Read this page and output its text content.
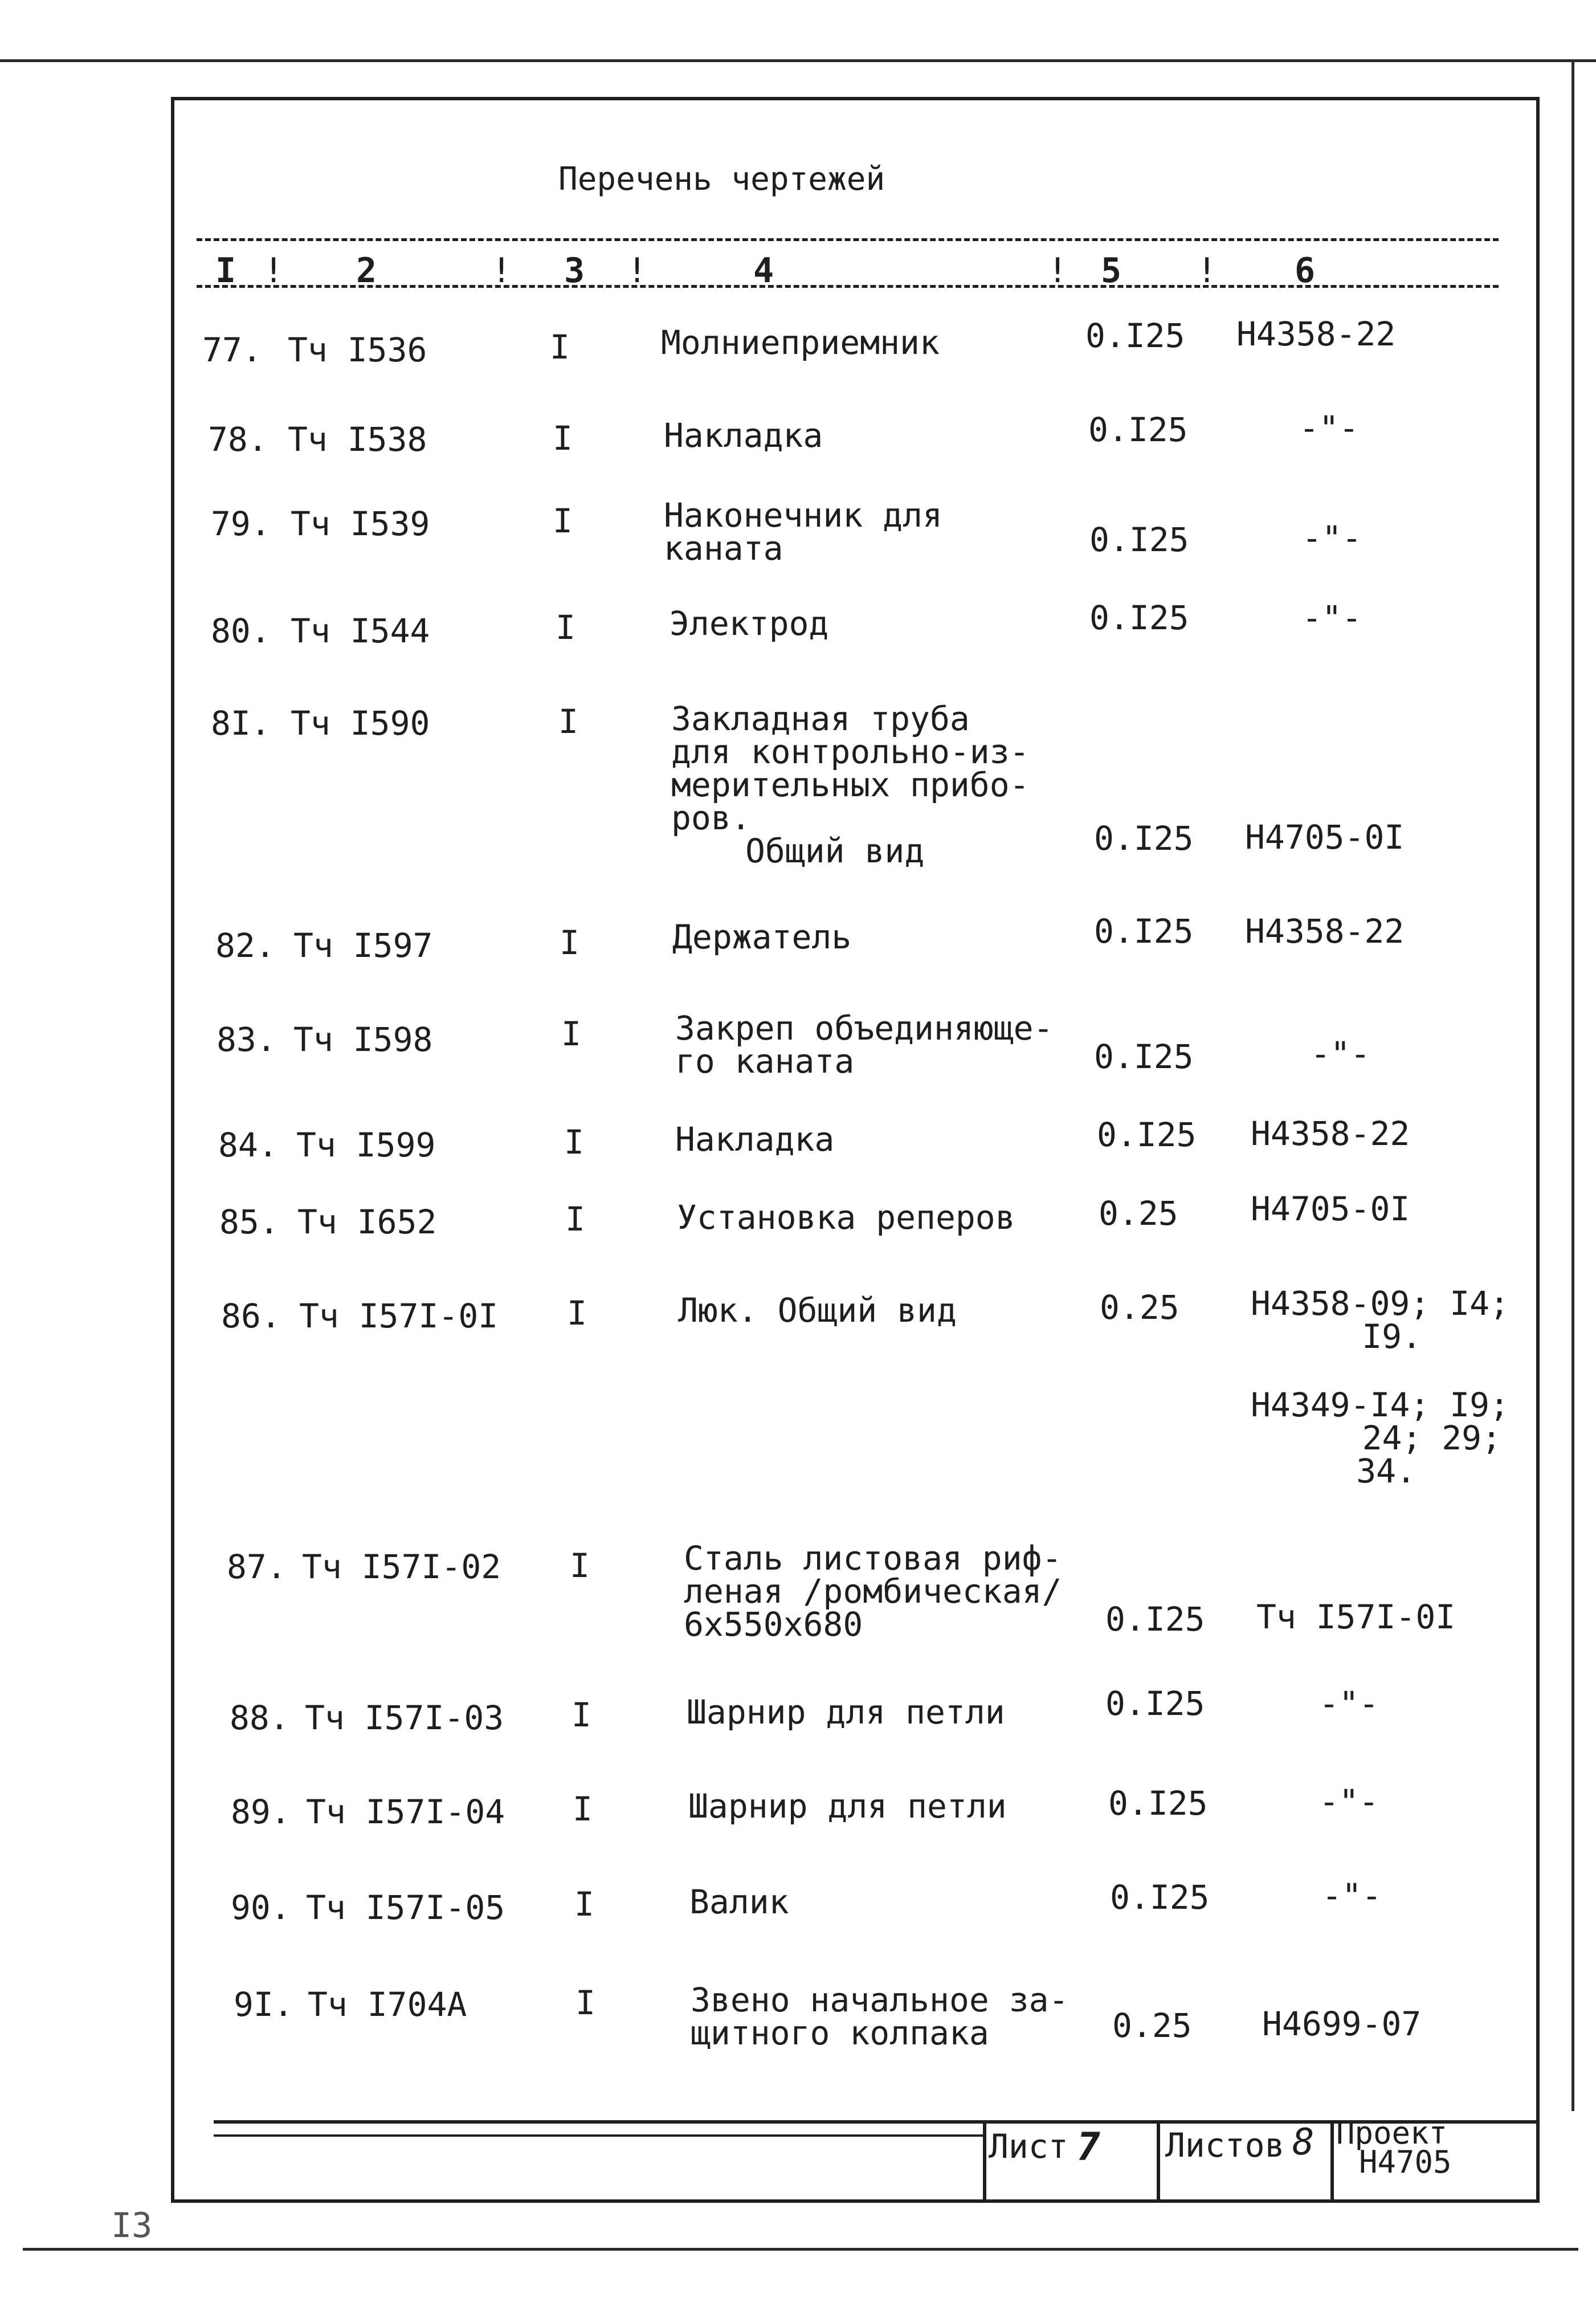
Перечень чертежей
I ! 2	! 3 !	4	! 5 ! 6
77. Тч I536	I	Молниеприемник	0.I25 Н4358-22
78. Тч I538	I	Накладка	0.I25	-"-
79. Тч I539	I	Наконечник для
каната	0.I25	-"-
80. Тч I544	I	Электрод	0.I25	-"-
8I. Тч I590	I	Закладная труба
для контрольно-из-
мерительных прибо-
ров.
Общий вид	0.I25 Н4705-0I
82. Тч I597	I	Держатель	0.I25 Н4358-22
83. Тч I598	I	Закреп объединяюще-
го каната	0.I25	-"-
84. Тч I599	I	Накладка	0.I25 Н4358-22
85. Тч I652	I	Установка реперов	0.25 Н4705-0I
86. Тч I57I-0I I	Люк. Общий вид	0.25 Н4358-09; I4;
I9.
Н4349-I4; I9;
24; 29;
34.
87. Тч I57I-02 I	Сталь листовая риф-
леная /ромбическая/
6х550х680	0.I25 Тч I57I-0I
88. Тч I57I-03 I	Шарнир для петли	0.I25	-"-
89. Тч I57I-04 I	Шарнир для петли	0.I25	-"-
90. Тч I57I-05 I	Валик	0.I25	-"-
9I. Тч I704А	I	Звено начальное за-
щитного колпака	0.25 Н4699-07
Лист 7 Листов 8 Проект
Н4705
I3
